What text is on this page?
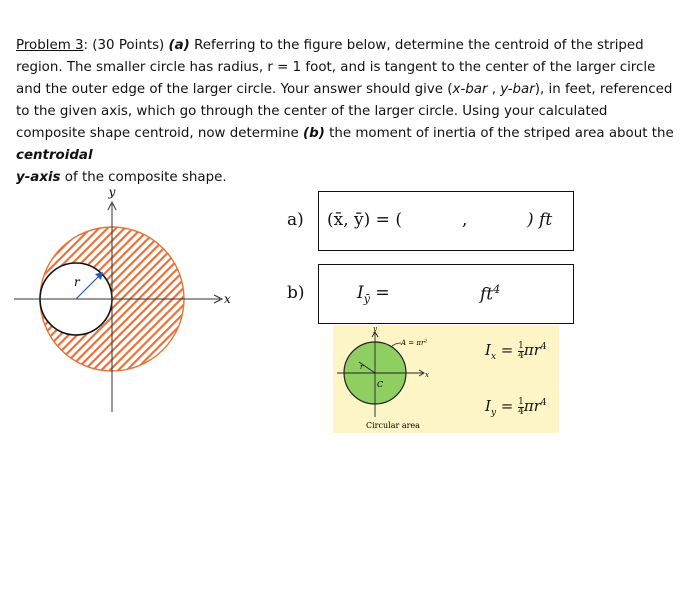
Problem 3: (30 Points) (a) Referring to the figure below, determine the centroid of the striped region. The smaller circle has radius, r = 1 foot, and is tangent to the center of the larger circle and the outer edge of the larger circle. Your answer should give (x-bar , y-bar), in feet, referenced to the given axis, which go through the center of the larger circle. Using your calculated composite shape centroid, now determine (b) the moment of inertia of the striped area about the centroidal
y-axis of the composite shape.

y
x
r
a) (x̄, ȳ) = (	,	) ft
b)	$I_ȳ$ =	$ft^4$
y
x
r
C
A = πr²
Circular area
$I_x = \frac{1}{4} \pi r^4$
$I_y = \frac{1}{4} \pi r^4$
